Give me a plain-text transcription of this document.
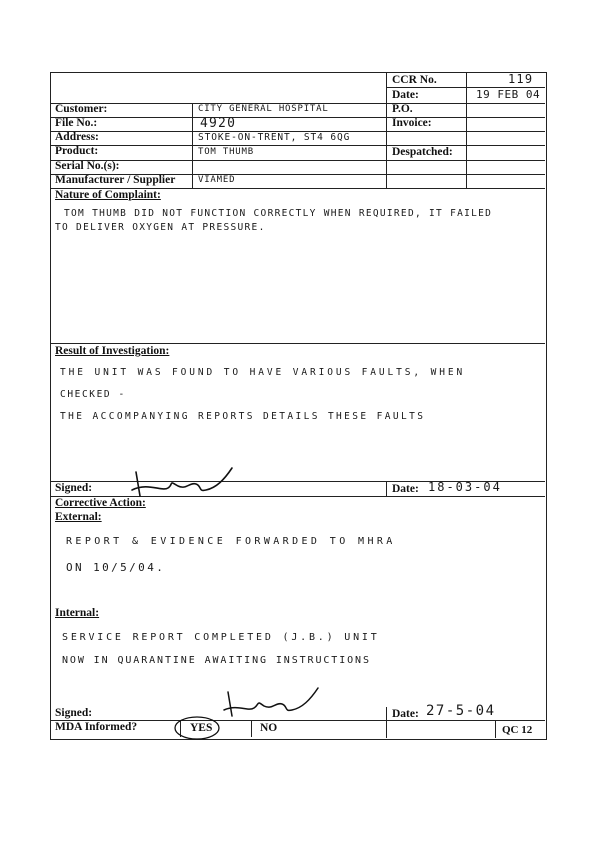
CCR No.	119
Date:	19 FEB 04
Customer:	CITY GENERAL HOSPITAL	P.O.
File No.:	4920	Invoice:
Address:	STOKE-ON-TRENT, ST4 6QG
Product:	TOM THUMB	Despatched:
Serial No.(s):
Manufacturer / Supplier	VIAMED
Nature of Complaint:
TOM THUMB DID NOT FUNCTION CORRECTLY WHEN REQUIRED, IT FAILED
TO DELIVER OXYGEN AT PRESSURE.
Result of Investigation:
THE UNIT WAS FOUND TO HAVE VARIOUS FAULTS, WHEN
CHECKED -
THE ACCOMPANYING REPORTS DETAILS THESE FAULTS
Signed:	Date: 18-03-04
Corrective Action:
External:
REPORT & EVIDENCE FORWARDED TO MHRA
ON 10/5/04.
Internal:
SERVICE REPORT COMPLETED (J.B.) UNIT
NOW IN QUARANTINE AWAITING INSTRUCTIONS
Signed:	Date: 27-5-04
MDA Informed?	YES	NO	QC 12
